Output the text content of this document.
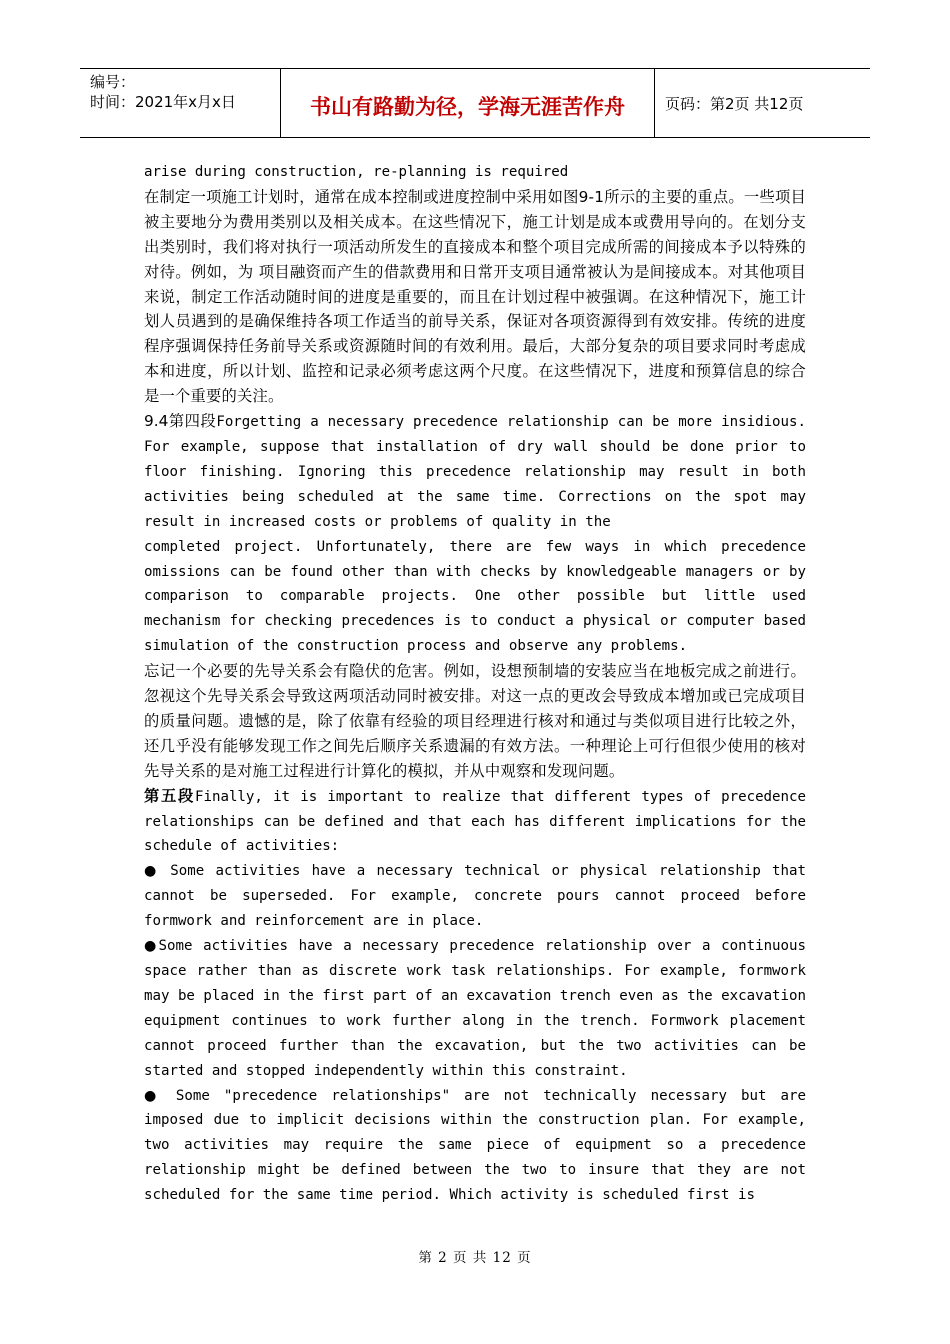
编号：
时间：2021年x月x日	书山有路勤为径，学海无涯苦作舟	页码：第2页 共12页

arise during construction, re-planning is required

在制定一项施工计划时，通常在成本控制或进度控制中采用如图9-1所示的主要的重点。一些项目被主要地分为费用类别以及相关成本。在这些情况下，施工计划是成本或费用导向的。在划分支出类别时，我们将对执行一项活动所发生的直接成本和整个项目完成所需的间接成本予以特殊的对待。例如，为 项目融资而产生的借款费用和日常开支项目通常被认为是间接成本。对其他项目来说，制定工作活动随时间的进度是重要的，而且在计划过程中被强调。在这种情况下，施工计划人员遇到的是确保维持各项工作适当的前导关系，保证对各项资源得到有效安排。传统的进度程序强调保持任务前导关系或资源随时间的有效利用。最后，大部分复杂的项目要求同时考虑成本和进度，所以计划、监控和记录必须考虑这两个尺度。在这些情况下，进度和预算信息的综合是一个重要的关注。

9.4第四段Forgetting a necessary precedence relationship can be more insidious. For example, suppose that installation of dry wall should be done prior to floor finishing. Ignoring this precedence relationship may result in both activities being scheduled at the same time. Corrections on the spot may result in increased costs or problems of quality in the

completed project. Unfortunately, there are few ways in which precedence omissions can be found other than with checks by knowledgeable managers or by comparison to comparable projects. One other possible but little used mechanism for checking precedences is to conduct a physical or computer based simulation of the construction process and observe any problems.

忘记一个必要的先导关系会有隐伏的危害。例如，设想预制墙的安装应当在地板完成之前进行。忽视这个先导关系会导致这两项活动同时被安排。对这一点的更改会导致成本增加或已完成项目的质量问题。遗憾的是，除了依靠有经验的项目经理进行核对和通过与类似项目进行比较之外，还几乎没有能够发现工作之间先后顺序关系遗漏的有效方法。一种理论上可行但很少使用的核对先导关系的是对施工过程进行计算化的模拟，并从中观察和发现问题。

第五段Finally, it is important to realize that different types of precedence relationships can be defined and that each has different implications for the schedule of activities:

● Some activities have a necessary technical or physical relationship that cannot be superseded. For example, concrete pours cannot proceed before formwork and reinforcement are in place.

●Some activities have a necessary precedence relationship over a continuous space rather than as discrete work task relationships. For example, formwork may be placed in the first part of an excavation trench even as the excavation equipment continues to work further along in the trench. Formwork placement cannot proceed further than the excavation, but the two activities can be started and stopped independently within this constraint.

● Some "precedence relationships" are not technically necessary but are imposed due to implicit decisions within the construction plan. For example, two activities may require the same piece of equipment so a precedence relationship might be defined between the two to insure that they are not scheduled for the same time period. Which activity is scheduled first is

第 2 页 共 12 页
